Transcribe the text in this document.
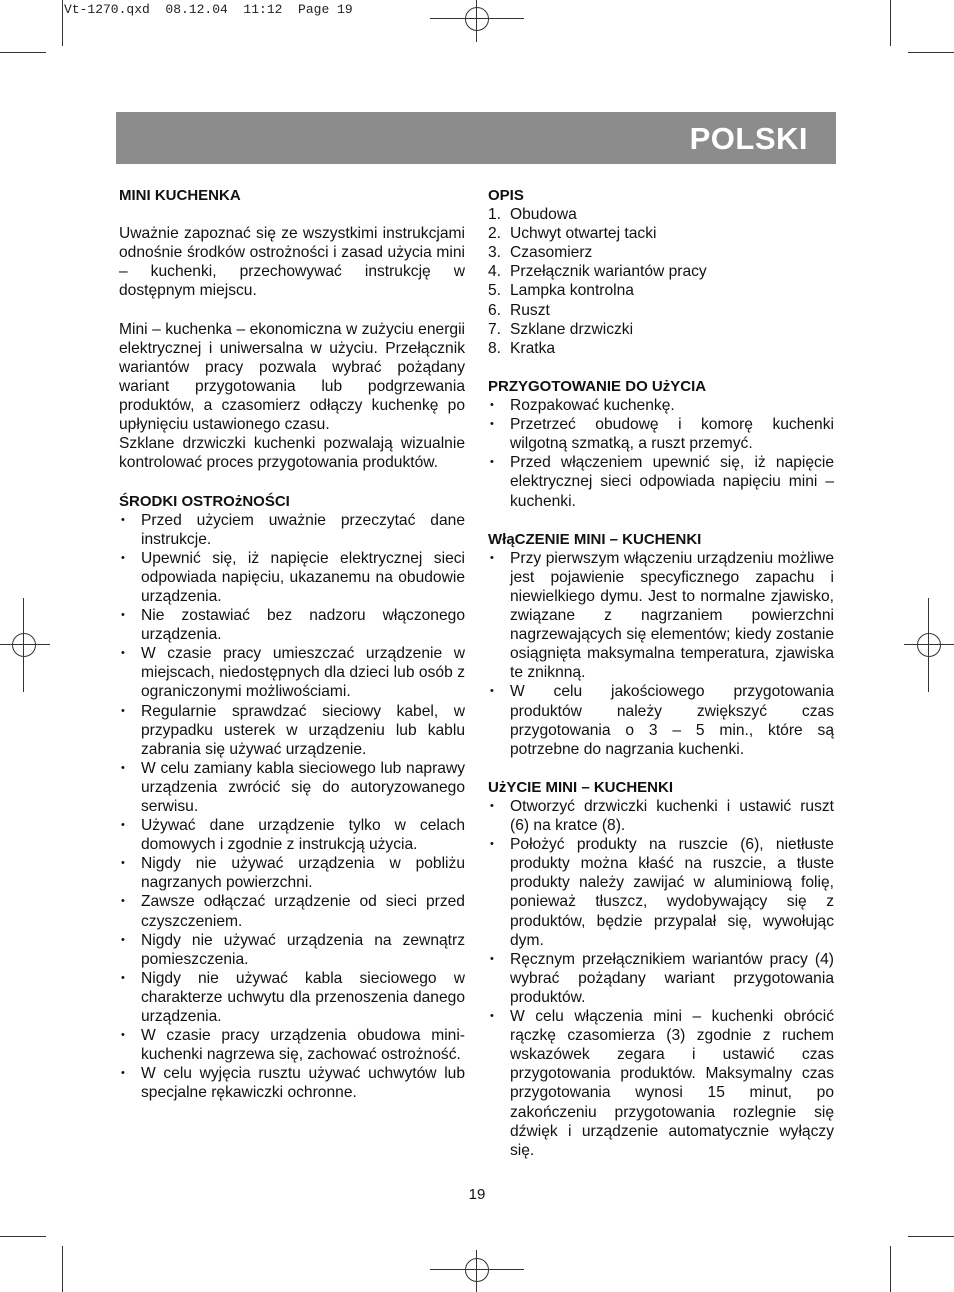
Vt-1270.qxd  08.12.04  11:12  Page 19
POLSKI
MINI KUCHENKA

Uważnie zapoznać się ze wszystkimi instrukcjami odnośnie środków ostrożności i zasad użycia mini – kuchenki, przechowywać instrukcję w dostępnym miejscu.

Mini – kuchenka – ekonomiczna w zużyciu energii elektrycznej i uniwersalna w użyciu. Przełącznik wariantów pracy pozwala wybrać pożądany wariant przygotowania lub podgrzewania produktów, a czasomierz odłączy kuchenkę po upłynięciu ustawionego czasu.

Szklane drzwiczki kuchenki pozwalają wizualnie kontrolować proces przygotowania produktów.

ŚRODKI OSTROżNOŚCI
• Przed użyciem uważnie przeczytać dane instrukcje.
• Upewnić się, iż napięcie elektrycznej sieci odpowiada napięciu, ukazanemu na obudowie urządzenia.
• Nie zostawiać bez nadzoru włączonego urządzenia.
• W czasie pracy umieszczać urządzenie w miejscach, niedostępnych dla dzieci lub osób z ograniczonymi możliwościami.
• Regularnie sprawdzać sieciowy kabel, w przypadku usterek w urządzeniu lub kablu zabrania się używać urządzenie.
• W celu zamiany kabla sieciowego lub naprawy urządzenia zwrócić się do autoryzowanego serwisu.
• Używać dane urządzenie tylko w celach domowych i zgodnie z instrukcją użycia.
• Nigdy nie używać urządzenia w pobliżu nagrzanych powierzchni.
• Zawsze odłączać urządzenie od sieci przed czyszczeniem.
• Nigdy nie używać urządzenia na zewnątrz pomieszczenia.
• Nigdy nie używać kabla sieciowego w charakterze uchwytu dla przenoszenia danego urządzenia.
• W czasie pracy urządzenia obudowa mini-kuchenki nagrzewa się, zachować ostrożność.
• W celu wyjęcia rusztu używać uchwytów lub specjalne rękawiczki ochronne.
OPIS
1. Obudowa
2. Uchwyt otwartej tacki
3. Czasomierz
4. Przełącznik wariantów pracy
5. Lampka kontrolna
6. Ruszt
7. Szklane drzwiczki
8. Kratka
PRZYGOTOWANIE DO UżYCIA
• Rozpakować kuchenkę.
• Przetrzeć obudowę i komorę kuchenki wilgotną szmatką, a ruszt przemyć.
• Przed włączeniem upewnić się, iż napięcie elektrycznej sieci odpowiada napięciu mini – kuchenki.
WłąCZENIE MINI – KUCHENKI
• Przy pierwszym włączeniu urządzeniu możliwe jest pojawienie specyficznego zapachu i niewielkiego dymu. Jest to normalne zjawisko, związane z nagrzaniem powierzchni nagrzewających się elementów; kiedy zostanie osiągnięta maksymalna temperatura, zjawiska te zniknną.
• W celu jakościowego przygotowania produktów należy zwiększyć czas przygotowania o 3 – 5 min., które są potrzebne do nagrzania kuchenki.
UżYCIE MINI – KUCHENKI
• Otworzyć drzwiczki kuchenki i ustawić ruszt (6) na kratce (8).
• Położyć produkty na ruszcie (6), nietłuste produkty można kłaść na ruszcie, a tłuste produkty należy zawijać w aluminiową folię, ponieważ tłuszcz, wydobywający się z produktów, będzie przypalał się, wywołując dym.
• Ręcznym przełącznikiem wariantów pracy (4) wybrać pożądany wariant przygotowania produktów.
• W celu włączenia mini – kuchenki obrócić rączkę czasomierza (3) zgodnie z ruchem wskazówek zegara i ustawić czas przygotowania produktów. Maksymalny czas przygotowania wynosi 15 minut, po zakończeniu przygotowania rozlegnie się dźwięk i urządzenie automatycznie wyłączy się.
19
